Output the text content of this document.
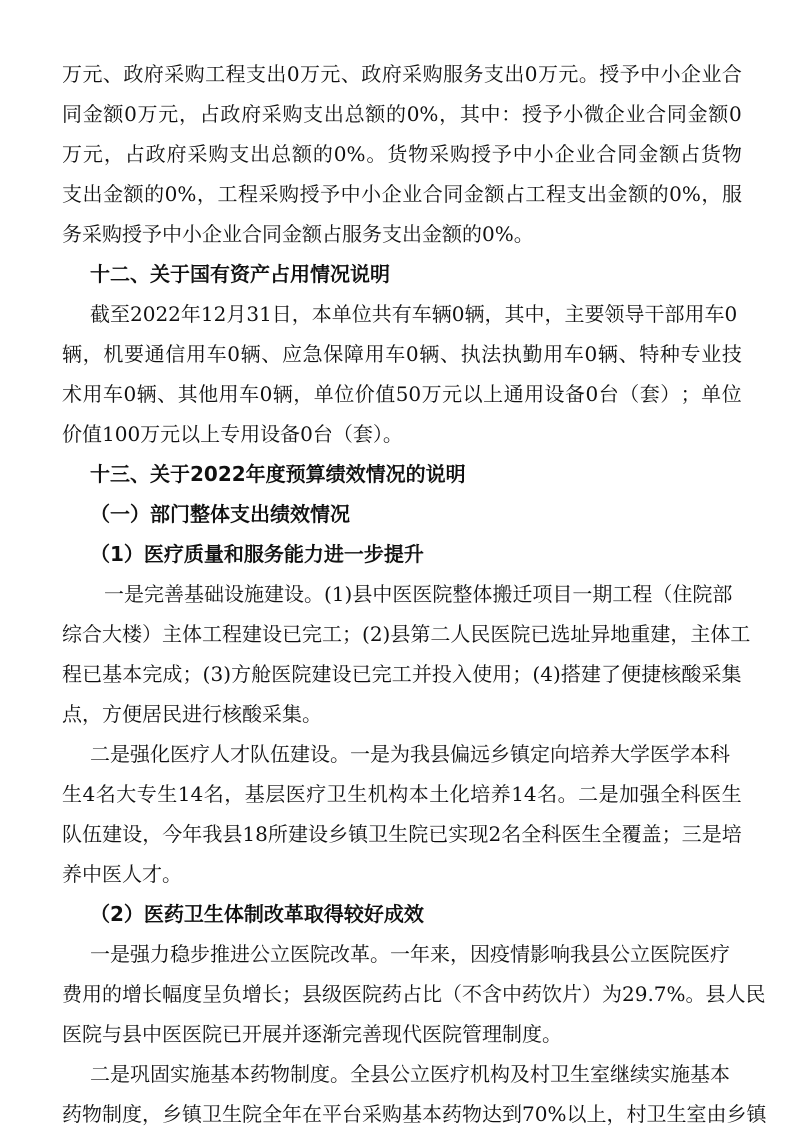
万 元 、 政 府 采 购 工 程 支 出 0 万 元 、 政 府 采 购 服 务 支 出 0 万 元 。 授 予 中 小 企 业 合
同 金 额 0 万 元 ， 占 政 府 采 购 支 出 总 额 的 0% ， 其 中 ： 授 予 小 微 企 业 合 同 金 额 0
万 元 ， 占 政 府 采 购 支 出 总 额 的 0% 。 货 物 采 购 授 予 中 小 企 业 合 同 金 额 占 货 物
支 出 金 额 的 0% ， 工 程 采 购 授 予 中 小 企 业 合 同 金 额 占 工 程 支 出 金 额 的 0% ， 服
务采购授予中小企业合同金额占服务支出金额的0%。
十二、关于国有资产占用情况说明
截至2022年12月31日，本单位共有车辆0辆，其中，主要领导干部用车0
辆 ， 机 要 通 信 用 车 0 辆 、 应 急 保 障 用 车 0 辆 、 执 法 执 勤 用 车 0 辆 、 特 种 专 业 技
术 用 车 0 辆 、 其 他 用 车 0 辆 ， 单 位 价 值 50 万 元 以 上 通 用 设 备 0 台 （ 套 ） ； 单 位
价值100万元以上专用设备0台（套）。
十三、关于2022年度预算绩效情况的说明
（一）部门整体支出绩效情况
（1）医疗质量和服务能力进一步提升
一是完善基础设施建设。(1)县中医医院整体搬迁项目一期工程（住院部
综 合 大 楼 ） 主 体 工 程 建 设 已 完 工 ； ( 2 ) 县 第 二 人 民 医 院 已 选 址 异 地 重 建 ， 主 体 工
程 已 基 本 完 成 ； ( 3 ) 方 舱 医 院 建 设 已 完 工 并 投 入 使 用 ； ( 4 ) 搭 建 了 便 捷 核 酸 采 集
点，方便居民进行核酸采集。
二是强化医疗人才队伍建设。一是为我县偏远乡镇定向培养大学医学本科
生 4 名 大 专 生 14 名 ， 基 层 医 疗 卫 生 机 构 本 土 化 培 养 14 名 。 二 是 加 强 全 科 医 生
队 伍 建 设 ， 今 年 我 县 18 所 建 设 乡 镇 卫 生 院 已 实 现 2 名 全 科 医 生 全 覆 盖 ； 三 是 培
养中医人才。
（2）医药卫生体制改革取得较好成效
一是强力稳步推进公立医院改革。一年来，因疫情影响我县公立医院医疗
费 用 的 增 长 幅 度 呈 负 增 长 ； 县 级 医 院 药 占 比 （ 不 含 中 药 饮 片 ） 为 29.7% 。 县 人 民
医院与县中医医院已开展并逐渐完善现代医院管理制度。
二是巩固实施基本药物制度。全县公立医疗机构及村卫生室继续实施基本
药 物 制 度 ， 乡 镇 卫 生 院 全 年 在 平 台 采 购 基 本 药 物 达 到 70% 以 上 ， 村 卫 生 室 由 乡 镇
